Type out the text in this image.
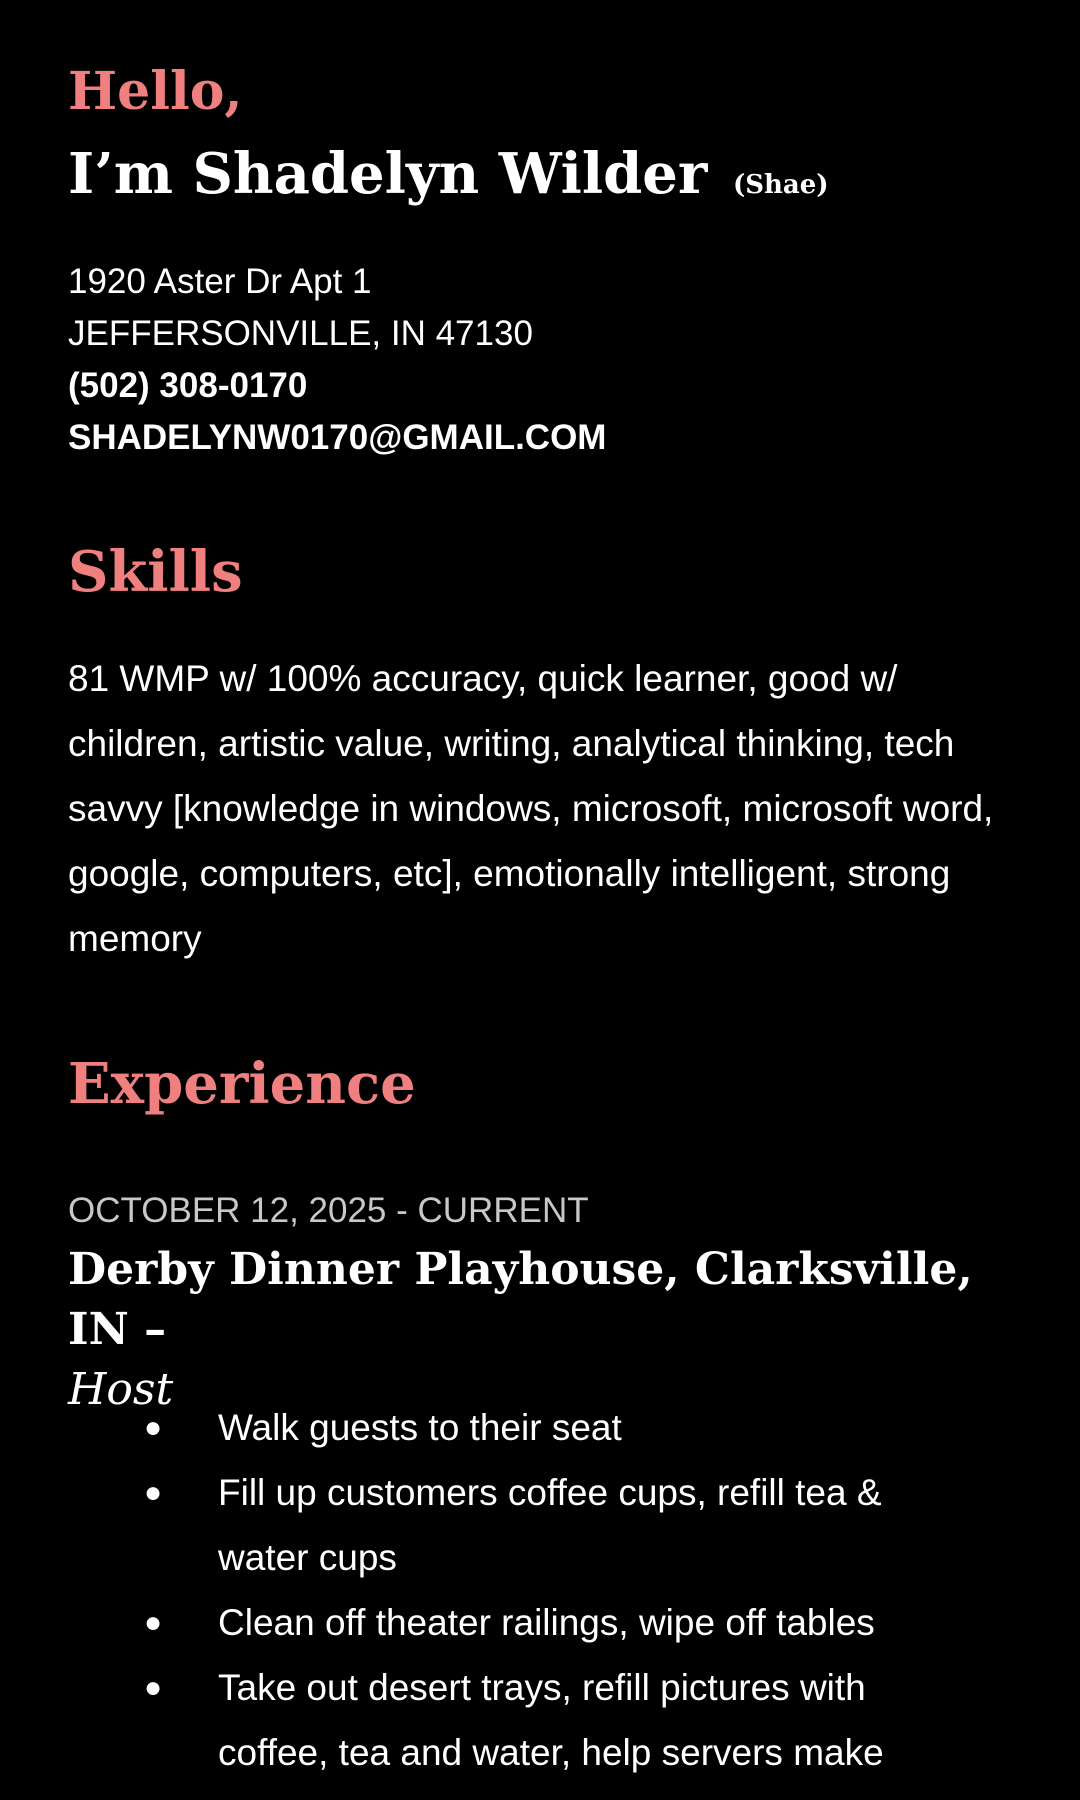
Hello,
I’m Shadelyn Wilder (Shae)
1920 Aster Dr Apt 1
JEFFERSONVILLE, IN 47130
(502) 308-0170
SHADELYNW0170@GMAIL.COM
Skills
81 WMP w/ 100% accuracy, quick learner, good w/ children, artistic value, writing, analytical thinking, tech savvy [knowledge in windows, microsoft, microsoft word, google, computers, etc], emotionally intelligent, strong memory
Experience
OCTOBER 12, 2025 - CURRENT
Derby Dinner Playhouse, Clarksville, IN –
Host
● Walk guests to their seat
● Fill up customers coffee cups, refill tea & water cups
● Clean off theater railings, wipe off tables
● Take out desert trays, refill pictures with coffee, tea and water, help servers make
